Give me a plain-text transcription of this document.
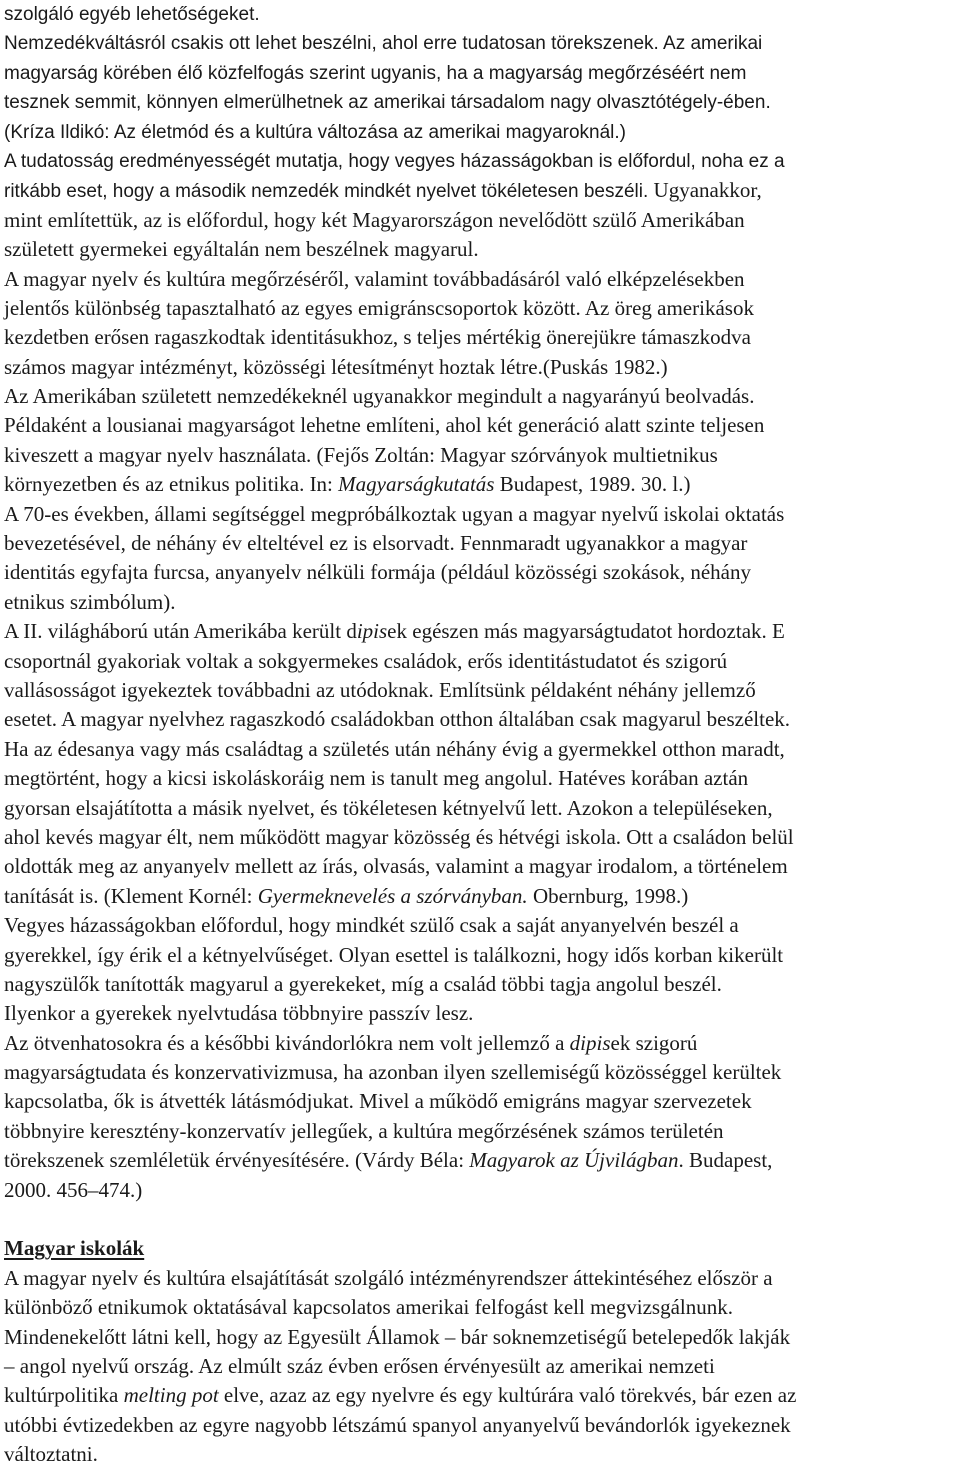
szolgáló egyéb lehetőségeket.
Nemzedékváltásról csakis ott lehet beszélni, ahol erre tudatosan törekszenek. Az amerikai
magyarság körében élő közfelfogás szerint ugyanis, ha a magyarság megőrzéséért nem
tesznek semmit, könnyen elmerülhetnek az amerikai társadalom nagy olvasztótégely-ében.
(Kríza Ildikó: Az életmód és a kultúra változása az amerikai magyaroknál.)
A tudatosság eredményességét mutatja, hogy vegyes házasságokban is előfordul, noha ez a
ritkább eset, hogy a második nemzedék mindkét nyelvet tökéletesen beszéli. Ugyanakkor,
mint említettük, az is előfordul, hogy két Magyarországon nevelődött szülő Amerikában
született gyermekei egyáltalán nem beszélnek magyarul.
A magyar nyelv és kultúra megőrzéséről, valamint továbbadásáról való elképzelésekben
jelentős különbség tapasztalható az egyes emigránscsoportok között. Az öreg amerikások
kezdetben erősen ragaszkodtak identitásukhoz, s teljes mértékig önerejükre támaszkodva
számos magyar intézményt, közösségi létesítményt hoztak létre.(Puskás 1982.)
Az Amerikában született nemzedékeknél ugyanakkor megindult a nagyarányú beolvadás.
Példaként a lousianai magyarságot lehetne említeni, ahol két generáció alatt szinte teljesen
kiveszett a magyar nyelv használata. (Fejős Zoltán: Magyar szórványok multietnikus
környezetben és az etnikus politika. In: Magyarságkutatás Budapest, 1989. 30. l.)
A 70-es években, állami segítséggel megpróbálkoztak ugyan a magyar nyelvű iskolai oktatás
bevezetésével, de néhány év elteltével ez is elsorvadt. Fennmaradt ugyanakkor a magyar
identitás egyfajta furcsa, anyanyelv nélküli formája (például közösségi szokások, néhány
etnikus szimbólum).
A II. világháború után Amerikába került dipisek egészen más magyarságtudatot hordoztak. E
csoportnál gyakoriak voltak a sokgyermekes családok, erős identitástudatot és szigorú
vallásosságot igyekeztek továbbadni az utódoknak. Említsünk példaként néhány jellemző
esetet. A magyar nyelvhez ragaszkodó családokban otthon általában csak magyarul beszéltek.
Ha az édesanya vagy más családtag a születés után néhány évig a gyermekkel otthon maradt,
megtörtént, hogy a kicsi iskoláskoráig nem is tanult meg angolul. Hatéves korában aztán
gyorsan elsajátította a másik nyelvet, és tökéletesen kétnyelvű lett. Azokon a településeken,
ahol kevés magyar élt, nem működött magyar közösség és hétvégi iskola. Ott a családon belül
oldották meg az anyanyelv mellett az írás, olvasás, valamint a magyar irodalom, a történelem
tanítását is. (Klement Kornél: Gyermeknevelés a szórványban. Obernburg, 1998.)
Vegyes házasságokban előfordul, hogy mindkét szülő csak a saját anyanyelvén beszél a
gyerekkel, így érik el a kétnyelvűséget. Olyan esettel is találkozni, hogy idős korban kikerült
nagyszülők tanították magyarul a gyerekeket, míg a család többi tagja angolul beszél.
Ilyenkor a gyerekek nyelvtudása többnyire passzív lesz.
Az ötvenhatosokra és a későbbi kivándorlókra nem volt jellemző a dipisek szigorú
magyarságtudata és konzervativizmusa, ha azonban ilyen szellemiségű közösséggel kerültek
kapcsolatba, ők is átvették látásmódjukat. Mivel a működő emigráns magyar szervezetek
többnyire keresztény-konzervatív jellegűek, a kultúra megőrzésének számos területén
törekszenek szemléletük érvényesítésére. (Várdy Béla: Magyarok az Újvilágban. Budapest,
2000. 456–474.)
Magyar iskolák
A magyar nyelv és kultúra elsajátítását szolgáló intézményrendszer áttekintéséhez először a
különböző etnikumok oktatásával kapcsolatos amerikai felfogást kell megvizsgálnunk.
Mindenekelőtt látni kell, hogy az Egyesült Államok – bár soknemzetiségű betelepedők lakják
– angol nyelvű ország. Az elmúlt száz évben erősen érvényesült az amerikai nemzeti
kultúrpolitika melting pot elve, azaz az egy nyelvre és egy kultúrára való törekvés, bár ezen az
utóbbi évtizedekben az egyre nagyobb létszámú spanyol anyanyelvű bevándorlók igyekeznek
változtatni.
